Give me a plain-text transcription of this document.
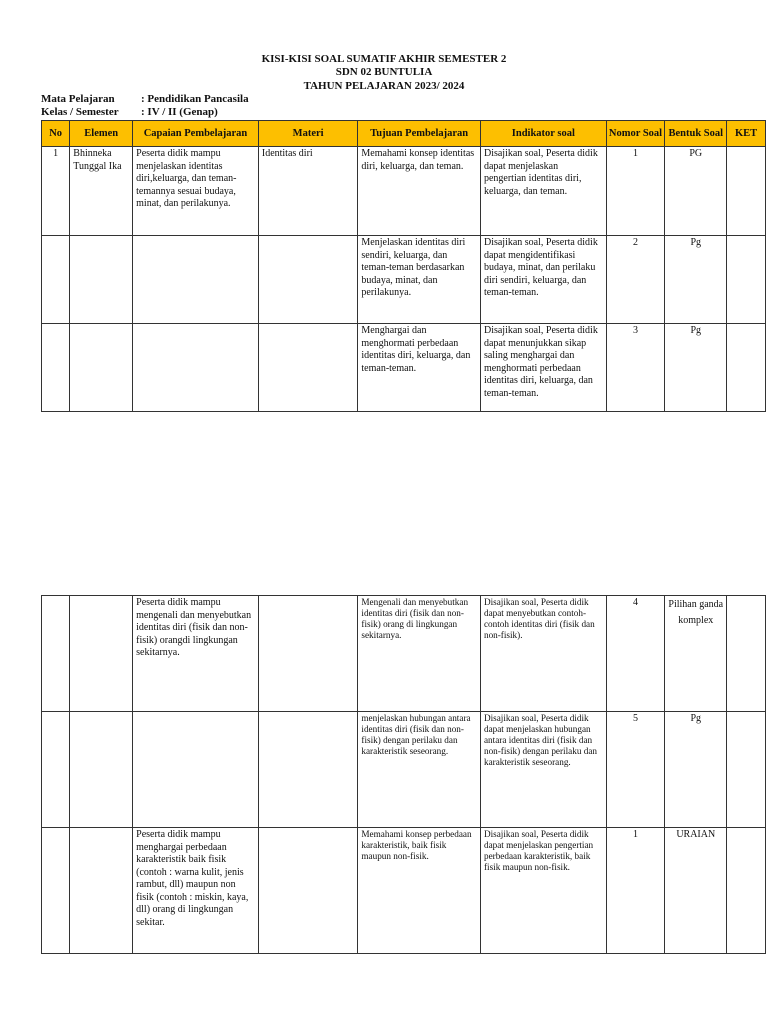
KISI-KISI SOAL SUMATIF AKHIR SEMESTER 2
SDN 02 BUNTULIA
TAHUN PELAJARAN 2023/ 2024
Mata Pelajaran : Pendidikan Pancasila
Kelas / Semester : IV / II (Genap)
No	Elemen	Capaian Pembelajaran	Materi	Tujuan Pembelajaran	Indikator soal	Nomor Soal	Bentuk Soal	KET
1	Bhinneka Tunggal Ika	Peserta didik mampu menjelaskan identitas diri,keluarga, dan teman-temannya sesuai budaya, minat, dan perilakunya.	Identitas diri	Memahami konsep identitas diri, keluarga, dan teman.	Disajikan soal, Peserta didik dapat menjelaskan pengertian identitas diri, keluarga, dan teman.	1	PG	
				Menjelaskan identitas diri sendiri, keluarga, dan teman-teman berdasarkan budaya, minat, dan perilakunya.	Disajikan soal, Peserta didik dapat mengidentifikasi budaya, minat, dan perilaku diri sendiri, keluarga, dan teman-teman.	2	Pg	
				Menghargai dan menghormati perbedaan identitas diri, keluarga, dan teman-teman.	Disajikan soal, Peserta didik dapat menunjukkan sikap saling menghargai dan menghormati perbedaan identitas diri, keluarga, dan teman-teman.	3	Pg	
		Peserta didik mampu mengenali dan menyebutkan identitas diri (fisik dan non-fisik) orangdi lingkungan sekitarnya.		Mengenali dan menyebutkan identitas diri (fisik dan non-fisik) orang di lingkungan sekitarnya.	Disajikan soal, Peserta didik dapat menyebutkan contoh-contoh identitas diri (fisik dan non-fisik).	4	Pilihan ganda komplex	
				menjelaskan hubungan antara identitas diri (fisik dan non-fisik) dengan perilaku dan karakteristik seseorang.	Disajikan soal, Peserta didik dapat menjelaskan hubungan antara identitas diri (fisik dan non-fisik) dengan perilaku dan karakteristik seseorang.	5	Pg	
		Peserta didik mampu menghargai perbedaan karakteristik baik fisik (contoh : warna kulit, jenis rambut, dll) maupun non fisik (contoh : miskin, kaya, dll) orang di lingkungan sekitar.		Memahami konsep perbedaan karakteristik, baik fisik maupun non-fisik.	Disajikan soal, Peserta didik dapat menjelaskan pengertian perbedaan karakteristik, baik fisik maupun non-fisik.	1	URAIAN	
